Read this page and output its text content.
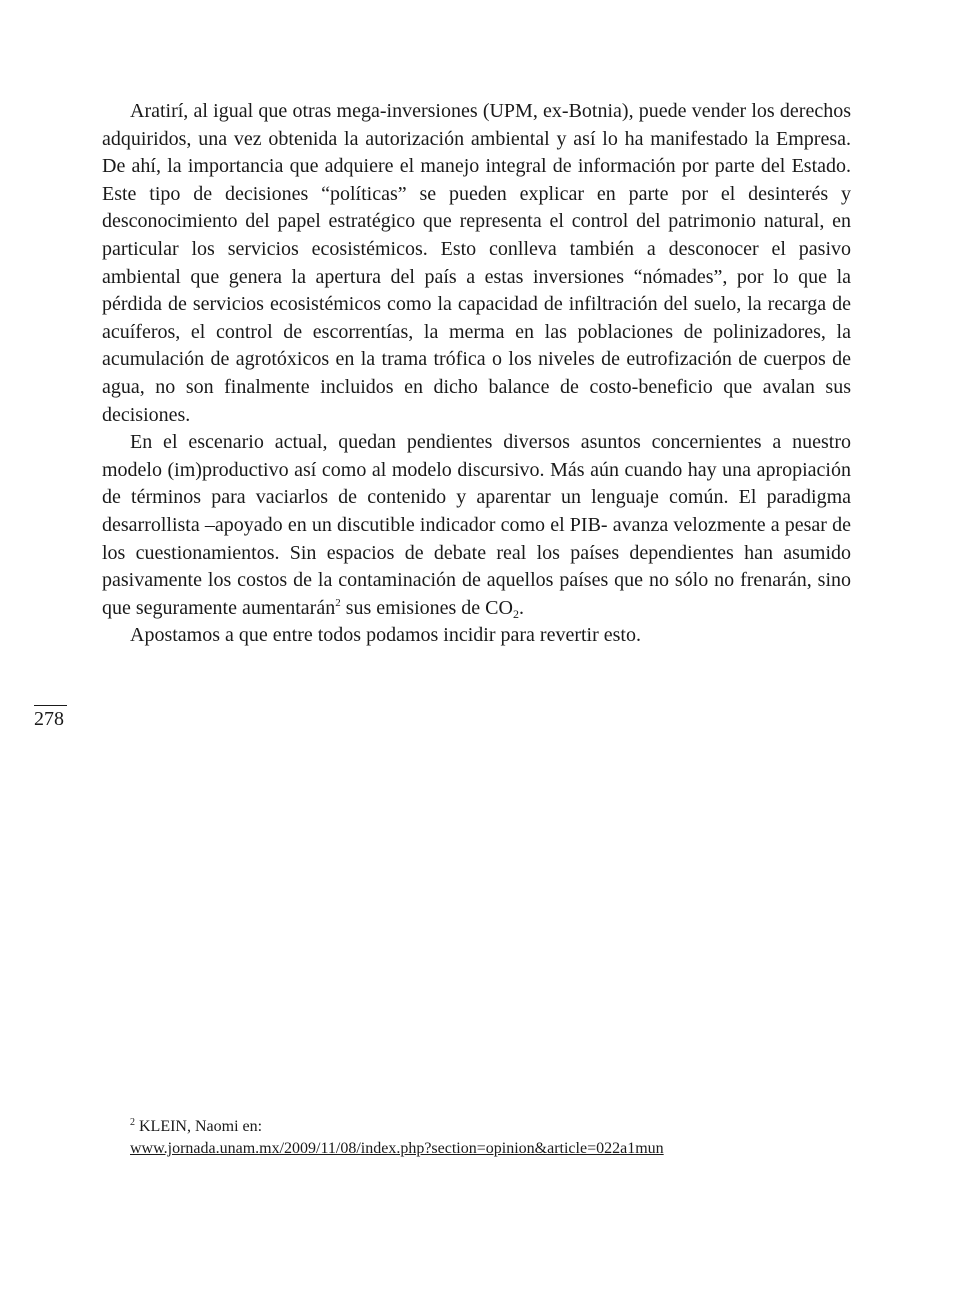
Aratirí, al igual que otras mega-inversiones (UPM, ex-Botnia), puede vender los derechos adquiridos, una vez obtenida la autorización ambiental y así lo ha manifestado la Empresa. De ahí, la importancia que adquiere el manejo integral de información por parte del Estado. Este tipo de decisiones “políticas” se pueden explicar en parte por el desinterés y desconocimiento del papel estratégico que representa el control del patrimonio natural, en particular los servicios ecosistémicos. Esto conlleva también a desconocer el pasivo ambiental que genera la apertura del país a estas inversiones “nómades”, por lo que la pérdida de servicios ecosistémicos como la capacidad de infiltración del suelo, la recarga de acuíferos, el control de escorrentías, la merma en las poblaciones de polinizadores, la acumulación de agrotóxicos en la trama trófica o los niveles de eutrofización de cuerpos de agua, no son finalmente incluidos en dicho balance de costo-beneficio que avalan sus decisiones.

En el escenario actual, quedan pendientes diversos asuntos concernientes a nuestro modelo (im)productivo así como al modelo discursivo. Más aún cuando hay una apropiación de términos para vaciarlos de contenido y aparentar un lenguaje común. El paradigma desarrollista –apoyado en un discutible indicador como el PIB- avanza velozmente a pesar de los cuestionamientos. Sin espacios de debate real los países dependientes han asumido pasivamente los costos de la contaminación de aquellos países que no sólo no frenarán, sino que seguramente aumentarán$^2$ sus emisiones de $CO_2$.

Apostamos a que entre todos podamos incidir para revertir esto.

278

$^2$ KLEIN, Naomi en:

www.jornada.unam.mx/2009/11/08/index.php?section=opinion&article=022a1mun
